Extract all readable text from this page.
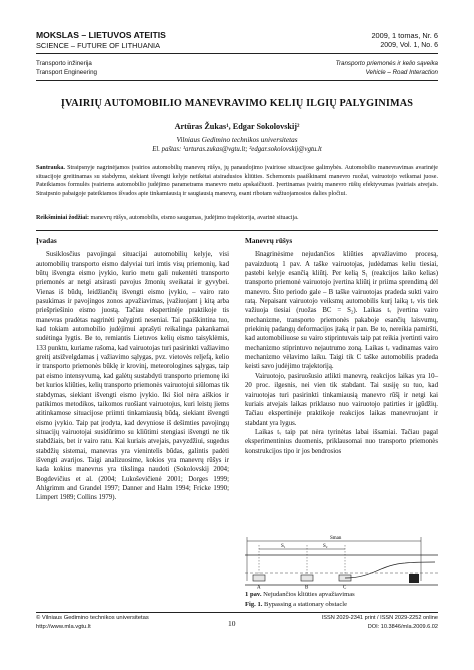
MOKSLAS – LIETUVOS ATEITIS
SCIENCE – FUTURE OF LITHUANIA
2009, 1 tomas, Nr. 6
2009, Vol. 1, No. 6
Transporto inžinerija
Transport Engineering
Transporto priemonės ir kelio sąveika
Vehicle – Road Interaction
ĮVAIRIŲ AUTOMOBILIO MANEVRAVIMO KELIŲ ILGIŲ PALYGINIMAS
Artūras Žukas¹, Edgar Sokolovskij²
Vilniaus Gedimino technikos universitetas
El. paštas: ¹arturas.zukas@vgtu.lt; ²edgar.sokolovskij@vgtu.lt
Santrauka. Straipsnyje nagrinėjamos įvairios automobilių manevrų rūšys, jų panaudojimo įvairiose situacijose galimybės. Automobilio manevravimas avarinėje situacijoje greitinamas su stabdymu, siekiant išvengti kelyje netikėtai atsiradusios kliūties. Schemomis paaiškinami manevro ruožai, vairuotojo veiksmai juose. Pateikiamos formulės įvairiems automobilio judėjimo parametrams manevro metu apskaičiuoti. Įvertinamas įvairių manevro rūšių efektyvumas įvairiais atvejais. Straipsnio pabaigoje pateikiamos išvados apie tinkamiausią ir saugiausią manevrą, esant ribotam važiuojamosios dalies pločiui.
Reikšminiai žodžiai: manevrų rūšys, automobilis, eismo saugumas, judėjimo trajektorija, avarinė situacija.
Įvadas

Susiklosčius pavojingai situacijai automobilių kelyje, visi automobilių transporto eismo dalyviai turi imtis visų priemonių, kad būtų išvengta eismo įvykio, kurio metu gali nukentėti transporto priemonės ar netgi atsirasti pavojus žmonių sveikatai ir gyvybei. Vienas iš būdų, leidžiančių išvengti eismo įvykio, – vairo rato pasukimas ir pavojingos zonos apvažiavimas, įvažiuojant į kitą arba priešpriešinio eismo juostą. Tačiau ekspertinėje praktikoje tis manevras pradėtas nagrinėti palyginti neseniai. Tai paaiškintina tuo, kad tokiam automobilio judėjimui aprašyti reikalinga pakankamai sudėtinga lygtis. Be to, remiantis Lietuvos kelių eismo taisyklėmis, 133 punktu, kuriame rašoma, kad vairuotojas turi pasirinkti važiavimo greitį atsižvelgdamas į važiavimo sąlygas, pvz. vietovės reljefą, kelio ir transporto priemonės būklę ir krovinį, meteorologines sąlygas, taip pat eismo intensyvumą, kad galėtų sustabdyti transporto priemonę iki bet kurios kliūties, kelių transporto priemonės vairuotojui siūlomas tik stabdymas, siekiant išvengti eismo įvykio. Iki šiol nėra aiškios ir patikimos metodikos, taikomos ruošiant vairuotojus, kuri leistų jiems atitinkamose situacijose priimti tinkamiausią būdą, siekiant išvengti eismo įvykio. Taip pat įrodyta, kad devyniose iš dešimties pavojingų situacijų vairuotojai susidūrimo su kliūtimi stengiasi išvengti ne tik stabdžiais, bet ir vairo ratu. Kai kuriais atvejais, pavyzdžiui, sugedus stabdžių sistemai, manevras yra vienintelis būdas, galintis padėti išvengti avarijos. Taigi analizuosime, kokios yra manevrų rūšys ir kada kokius manevrus yra tikslinga naudoti (Sokolovskij 2004; Bogdevičius et al. (2004; Lukoševičienė 2001; Dorges 1999; Ahlgrimm and Grandel 1997; Danner and Halm 1994; Fricke 1990; Limpert 1989; Collins 1979).

Manevrų rūšys

Išnagrinėsime nejudančios kliūties apvažiavimo procesą, pavaizduotą 1 pav. A taške vairuotojas, judėdamas keliu tiesiai, pastebi kelyje esančią kliūtį. Per kelią S₁ (reakcijos laiko kelias) transporto priemonė vairuotojo įvertina kliūtį ir priima sprendimą dėl manevro. Šito periodo gale – B taške vairuotojas pradeda sukti vairo ratą. Nepaisant vairuotojo veiksmų automobilis kurį laiką tᵥ vis tiek važiuoja tiesiai (ruožas BC = S₂). Laikas tᵥ įvertina vairo mechanizme, transporto priemonės pakaboje esančių laisvumų, priekinių padangų deformacijos įtaką ir pan. Be to, nereikia pamiršti, kad automobiliuose su vairo stiprintuvais taip pat reikia įvertinti vairo mechanizmo stiprintuvo nejautrumo zoną. Laikas tᵥ vadinamas vairo mechanizmo vėlavimo laiku. Taigi tik C taške automobilis pradeda keisti savo judėjimo trajektoriją.

Vairuotojo, pasiruošusio atlikti manevrą, reakcijos laikas yra 10–20 proc. ilgesnis, nei vien tik stabdant. Tai susiję su tuo, kad vairuotojas turi pasirinkti tinkamiausią manevro rūšį ir netgi kai kuriais atvejais laikas priklauso nuo vairuotojo patirties ir įgūdžių. Tačiau ekspertinėje praktikoje reakcijos laikas manevruojant ir stabdant yra lygus.

Laikas tᵥ taip pat nėra tyrinėtas labai išsamiai. Tačiau pagal eksperimentinius duomenis, priklausomai nuo transporto priemonės konstrukcijos tipo ir jos bendrosios

Sman
S₁	S₂
A	B	C
1 pav. Nejudančios kliūties apvažiavimas
Fig. 1. Bypassing a stationary obstacle
© Vilniaus Gedimino technikos universitetas
http://www.mla.vgtu.lt	10
ISSN 2029-2341 print / ISSN 2029-2252 online
DOI: 10.3846/mla.2009.6.02
